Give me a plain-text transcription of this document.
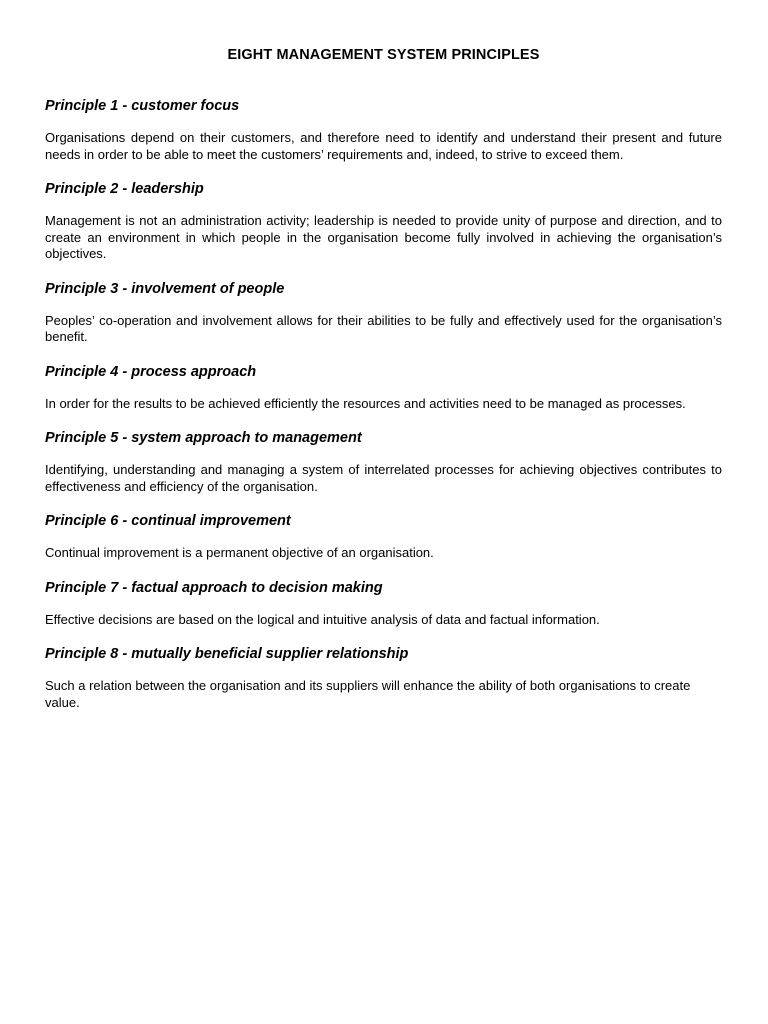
EIGHT MANAGEMENT SYSTEM PRINCIPLES
Principle 1 - customer focus

Organisations depend on their customers, and therefore need to identify and understand their present and future needs in order to be able to meet the customers’ requirements and, indeed, to strive to exceed them.

Principle 2 - leadership

Management is not an administration activity; leadership is needed to provide unity of purpose and direction, and to create an environment in which people in the organisation become fully involved in achieving the organisation’s objectives.

Principle 3 - involvement of people

Peoples’ co-operation and involvement allows for their abilities to be fully and effectively used for the organisation’s benefit.

Principle 4 - process approach

In order for the results to be achieved efficiently the resources and activities need to be managed as processes.

Principle 5 - system approach to management

Identifying, understanding and managing a system of interrelated processes for achieving objectives contributes to effectiveness and efficiency of the organisation.

Principle 6 - continual improvement

Continual improvement is a permanent objective of an organisation.

Principle 7 - factual approach to decision making

Effective decisions are based on the logical and intuitive analysis of data and factual information.

Principle 8 - mutually beneficial supplier relationship

Such a relation between the organisation and its suppliers will enhance the ability of both organisations to create value.
